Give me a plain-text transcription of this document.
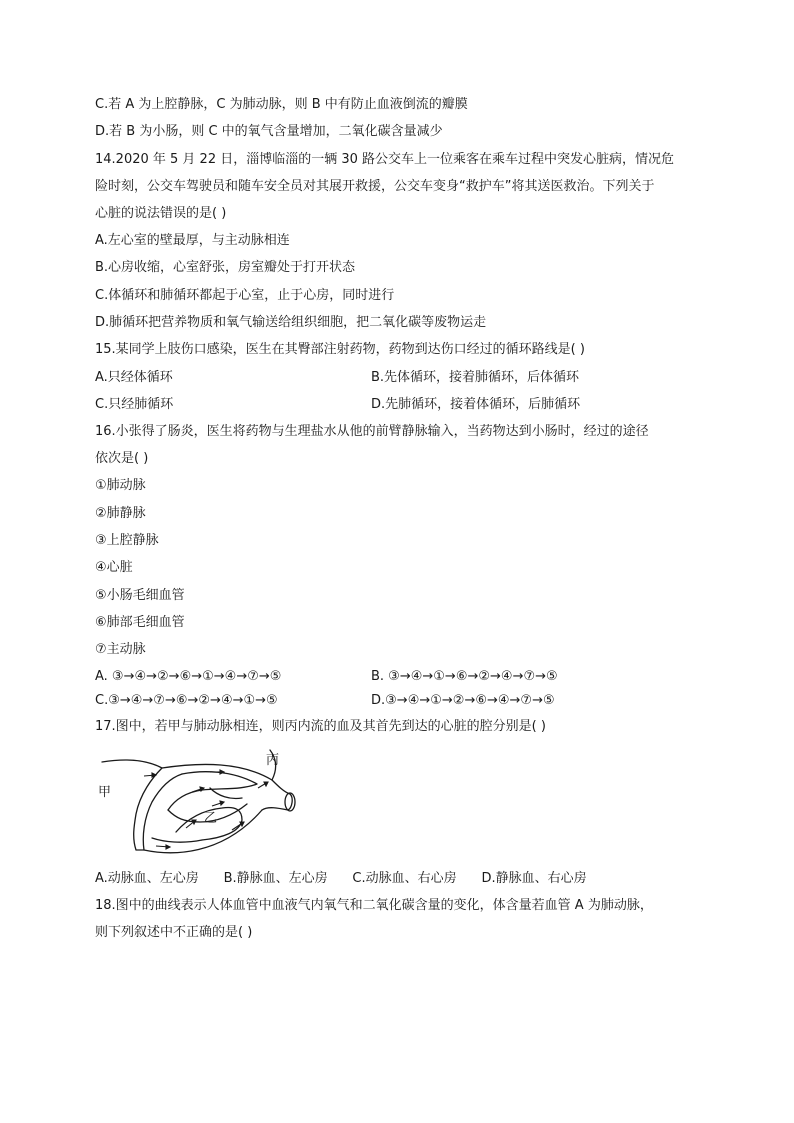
C.若 A 为上腔静脉，C 为肺动脉，则 B 中有防止血液倒流的瓣膜
D.若 B 为小肠，则 C 中的氧气含量增加，二氧化碳含量减少
14.2020 年 5 月 22 日，淄博临淄的一辆 30 路公交车上一位乘客在乘车过程中突发心脏病，情况危
险时刻，公交车驾驶员和随车安全员对其展开救援，公交车变身“救护车”将其送医救治。下列关于
心脏的说法错误的是( )
A.左心室的壁最厚，与主动脉相连
B.心房收缩，心室舒张，房室瓣处于打开状态
C.体循环和肺循环都起于心室，止于心房，同时进行
D.肺循环把营养物质和氧气输送给组织细胞，把二氧化碳等废物运走
15.某同学上肢伤口感染，医生在其臀部注射药物，药物到达伤口经过的循环路线是( )
A.只经体循环	B.先体循环，接着肺循环，后体循环
C.只经肺循环	D.先肺循环，接着体循环，后肺循环
16.小张得了肠炎，医生将药物与生理盐水从他的前臂静脉输入，当药物达到小肠时，经过的途径
依次是( )
①肺动脉
②肺静脉
③上腔静脉
④心脏
⑤小肠毛细血管
⑥肺部毛细血管
⑦主动脉
A. ③→④→②→⑥→①→④→⑦→⑤	B. ③→④→①→⑥→②→④→⑦→⑤
C.③→④→⑦→⑥→②→④→①→⑤	D.③→④→①→②→⑥→④→⑦→⑤
17.图中，若甲与肺动脉相连，则丙内流的血及其首先到达的心脏的腔分别是( )
甲
乙
丙
A.动脉血、左心房      B.静脉血、左心房      C.动脉血、右心房      D.静脉血、右心房
18.图中的曲线表示人体血管中血液气内氧气和二氧化碳含量的变化，体含量若血管 A 为肺动脉，
则下列叙述中不正确的是( )
